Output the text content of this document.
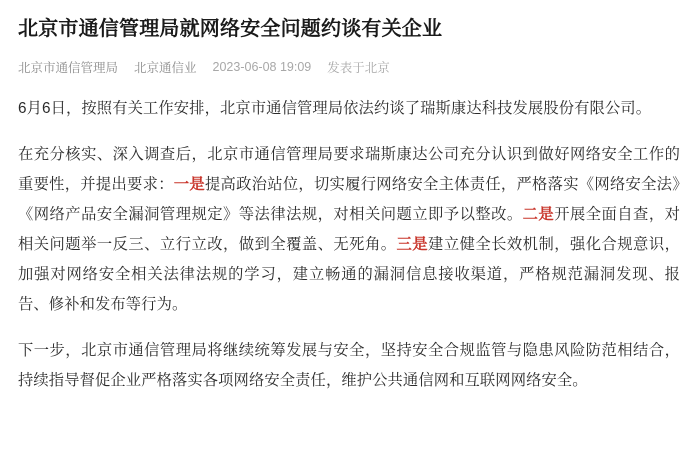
北京市通信管理局就网络安全问题约谈有关企业
北京市通信管理局 北京通信业 2023-06-08 19:09 发表于北京

6月6日，按照有关工作安排，北京市通信管理局依法约谈了瑞斯康达科技发展股份有限公司。

在充分核实、深入调查后，北京市通信管理局要求瑞斯康达公司充分认识到做好网络安全工作的重要性，并提出要求：一是提高政治站位，切实履行网络安全主体责任，严格落实《网络安全法》《网络产品安全漏洞管理规定》等法律法规，对相关问题立即予以整改。二是开展全面自查，对相关问题举一反三、立行立改，做到全覆盖、无死角。三是建立健全长效机制，强化合规意识，加强对网络安全相关法律法规的学习，建立畅通的漏洞信息接收渠道，严格规范漏洞发现、报告、修补和发布等行为。

下一步，北京市通信管理局将继续统筹发展与安全，坚持安全合规监管与隐患风险防范相结合，持续指导督促企业严格落实各项网络安全责任，维护公共通信网和互联网网络安全。
